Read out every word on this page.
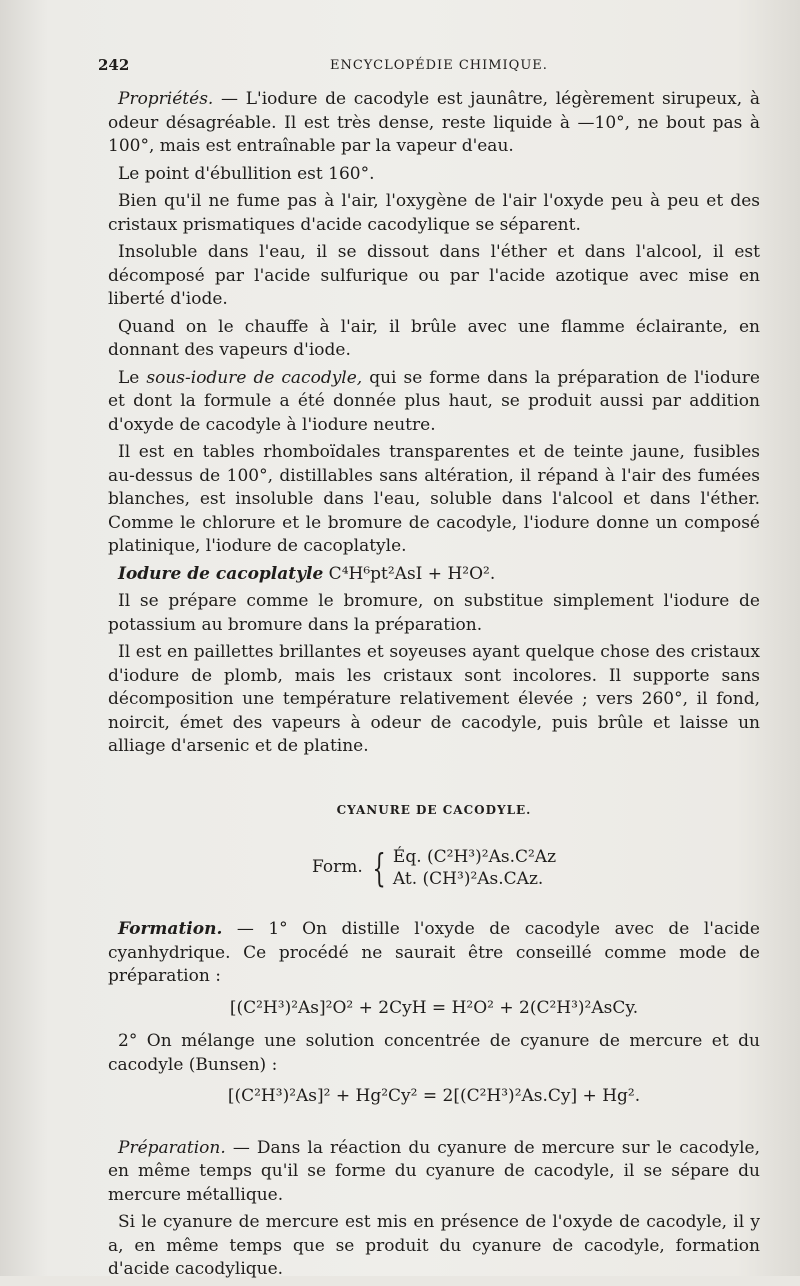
242	ENCYCLOPÉDIE CHIMIQUE.

Propriétés. — L'iodure de cacodyle est jaunâtre, légèrement sirupeux, à odeur désagréable. Il est très dense, reste liquide à —10°, ne bout pas à 100°, mais est entraînable par la vapeur d'eau.

Le point d'ébullition est 160°.

Bien qu'il ne fume pas à l'air, l'oxygène de l'air l'oxyde peu à peu et des cristaux prismatiques d'acide cacodylique se séparent.

Insoluble dans l'eau, il se dissout dans l'éther et dans l'alcool, il est décomposé par l'acide sulfurique ou par l'acide azotique avec mise en liberté d'iode.

Quand on le chauffe à l'air, il brûle avec une flamme éclairante, en donnant des vapeurs d'iode.

Le sous-iodure de cacodyle, qui se forme dans la préparation de l'iodure et dont la formule a été donnée plus haut, se produit aussi par addition d'oxyde de cacodyle à l'iodure neutre.

Il est en tables rhomboïdales transparentes et de teinte jaune, fusibles au-dessus de 100°, distillables sans altération, il répand à l'air des fumées blanches, est insoluble dans l'eau, soluble dans l'alcool et dans l'éther. Comme le chlorure et le bromure de cacodyle, l'iodure donne un composé platinique, l'iodure de cacoplatyle.

Iodure de cacoplatyle C⁴H⁶pt²AsI + H²O².

Il se prépare comme le bromure, on substitue simplement l'iodure de potassium au bromure dans la préparation.

Il est en paillettes brillantes et soyeuses ayant quelque chose des cristaux d'iodure de plomb, mais les cristaux sont incolores. Il supporte sans décomposition une température relativement élevée ; vers 260°, il fond, noircit, émet des vapeurs à odeur de cacodyle, puis brûle et laisse un alliage d'arsenic et de platine.

CYANURE DE CACODYLE.
Form. { Éq. (C²H³)²As.C²Az
At. (CH³)²As.CAz.

Formation. — 1° On distille l'oxyde de cacodyle avec de l'acide cyanhydrique. Ce procédé ne saurait être conseillé comme mode de préparation :

[(C²H³)²As]²O² + 2CyH = H²O² + 2(C²H³)²AsCy.

2° On mélange une solution concentrée de cyanure de mercure et du cacodyle (Bunsen) :

[(C²H³)²As]² + Hg²Cy² = 2[(C²H³)²As.Cy] + Hg².

Préparation. — Dans la réaction du cyanure de mercure sur le cacodyle, en même temps qu'il se forme du cyanure de cacodyle, il se sépare du mercure métallique.

Si le cyanure de mercure est mis en présence de l'oxyde de cacodyle, il y a, en même temps que se produit du cyanure de cacodyle, formation d'acide cacodylique.
